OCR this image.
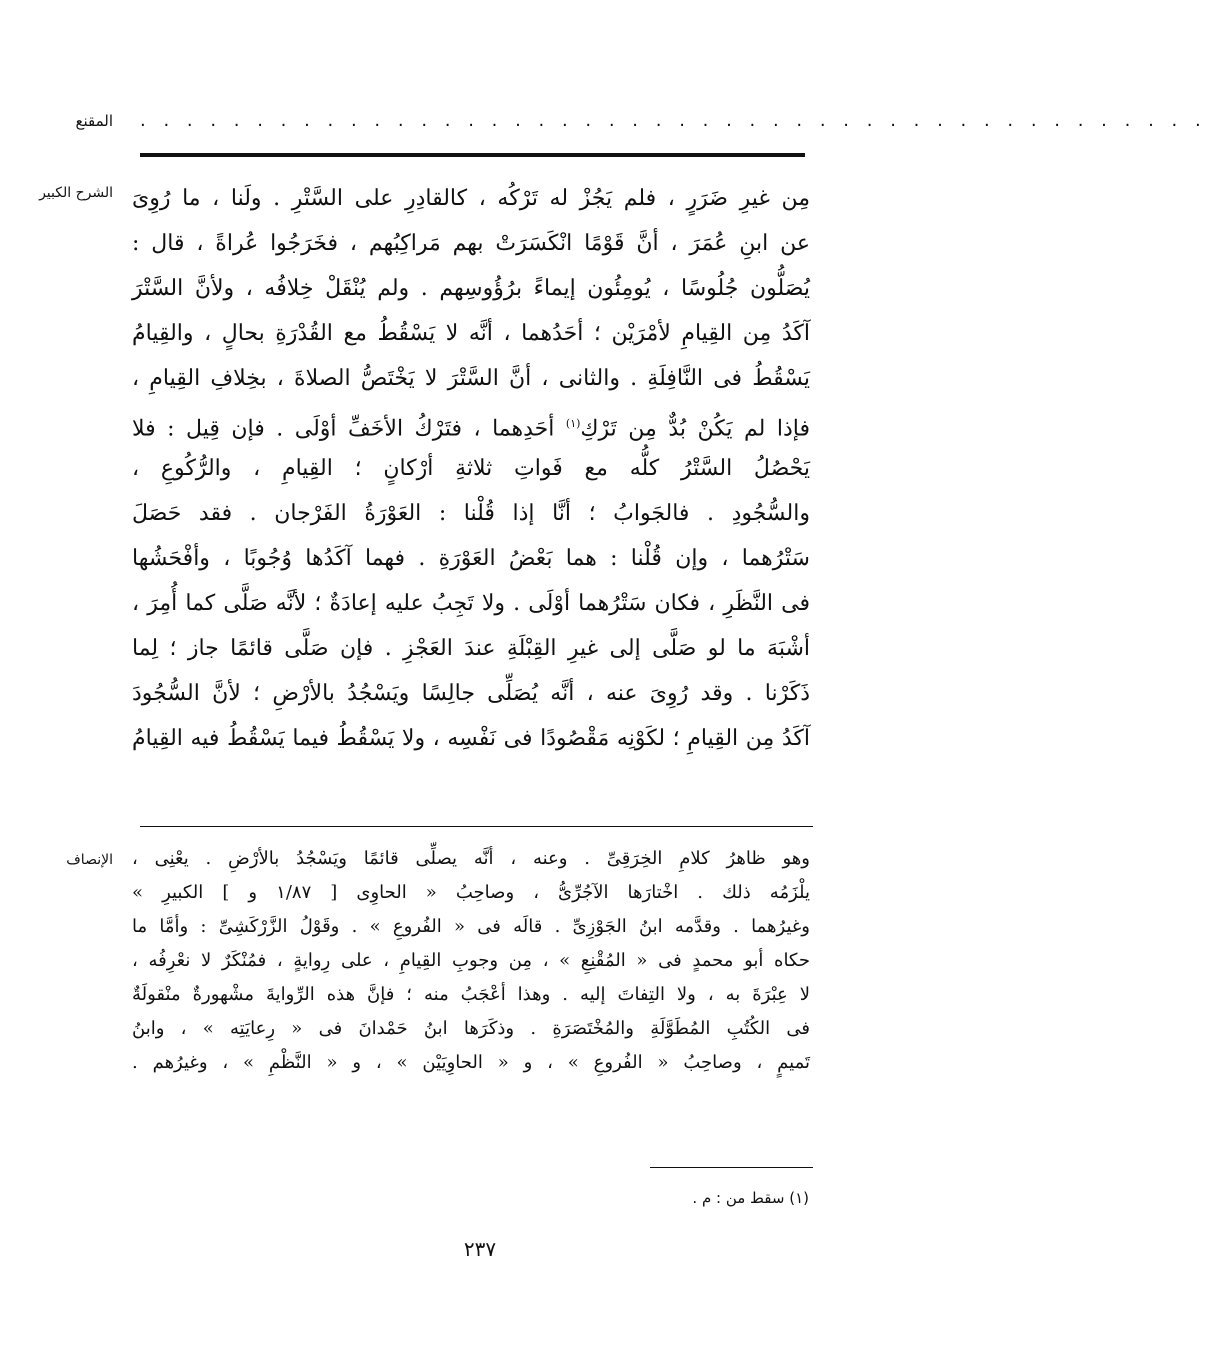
المقنع . . . . . . . . . . . . . . . . . . . . . . . . . . . . . . . . . . . . . . . . . . . . . .
الشرح الكبير مِن غيرِ ضَرَرٍ ، فلم يَجُزْ له تَرْكُه ، كالقادِرِ على السَّتْرِ . ولَنا ، ما رُوِىَ
عن ابنِ عُمَرَ ، أنَّ قَوْمًا انْكَسَرَتْ بهم مَراكِبُهم ، فخَرَجُوا عُراةً ، قال :
يُصَلُّون جُلُوسًا ، يُومِئُون إيماءً برُؤُوسِهم . ولم يُنْقَلْ خِلافُه ، ولأنَّ السَّتْرَ
آكَدُ مِن القِيامِ لأمْرَيْن ؛ أحَدُهما ، أنَّه لا يَسْقُطُ مع القُدْرَةِ بحالٍ ، والقِيامُ
يَسْقُطُ فى النَّافِلَةِ . والثانى ، أنَّ السَّتْرَ لا يَخْتَصُّ الصلاةَ ، بخِلافِ القِيامِ ،
فإذا لم يَكُنْ بُدٌّ مِن تَرْكِ$^{(١)}$ أحَدِهما ، فتَرْكُ الأخَفِّ أوْلَى . فإن قِيل : فلا
يَحْصُلُ السَّتْرُ كلُّه مع فَواتِ ثلاثةِ أرْكانٍ ؛ القِيامِ ، والرُّكُوعِ ،
والسُّجُودِ . فالجَوابُ ؛ أنَّا إذا قُلْنا : العَوْرَةُ الفَرْجان . فقد حَصَلَ
سَتْرُهما ، وإن قُلْنا : هما بَعْضُ العَوْرَةِ . فهما آكَدُها وُجُوبًا ، وأفْحَشُها
فى النَّظَرِ ، فكان سَتْرُهما أوْلَى . ولا تَجِبُ عليه إعادَةٌ ؛ لأنَّه صَلَّى كما أُمِرَ ،
أشْبَهَ ما لو صَلَّى إلى غيرِ القِبْلَةِ عندَ العَجْزِ . فإن صَلَّى قائمًا جاز ؛ لِما
ذَكَرْنا . وقد رُوِىَ عنه ، أنَّه يُصَلِّى جالِسًا ويَسْجُدُ بالأرْضِ ؛ لأنَّ السُّجُودَ
آكَدُ مِن القِيامِ ؛ لكَوْنِه مَقْصُودًا فى نَفْسِه ، ولا يَسْقُطُ فيما يَسْقُطُ فيه القِيامُ
الإنصاف وهو ظاهرُ كلامِ الخِرَقِىِّ . وعنه ، أنَّه يصلِّى قائمًا ويَسْجُدُ بالأرْضِ . يعْنِى ،
يلْزَمُه ذلك . اخْتارَها الآجُرِّىُّ ، وصاحِبُ « الحاوِى [ ١/٨٧ و ] الكبيرِ »
وغيرُهما . وقدَّمه ابنُ الجَوْزِىِّ . قالَه فى « الفُروعِ » . وقَوْلُ الزَّرْكَشِىِّ : وأمَّا ما
حكاه أبو محمدٍ فى « المُقْنِعِ » ، مِن وجوبِ القِيامِ ، على رِوايةٍ ، فمُنْكَرٌ لا نعْرِفُه ،
لا عِبْرَةَ به ، ولا التِفاتَ إليه . وهذا أعْجَبُ منه ؛ فإنَّ هذه الرِّوايةَ مشْهورةٌ منْقولَةٌ
فى الكُتُبِ المُطَوَّلَةِ والمُخْتَصَرَةِ . وذكَرَها ابنُ حَمْدانَ فى « رِعايَتِه » ، وابنُ
تَميمٍ ، وصاحِبُ « الفُروعِ » ، و « الحاوِيَيْن » ، و « النَّظْمِ » ، وغيرُهم .
(١) سقط من : م .
٢٣٧
